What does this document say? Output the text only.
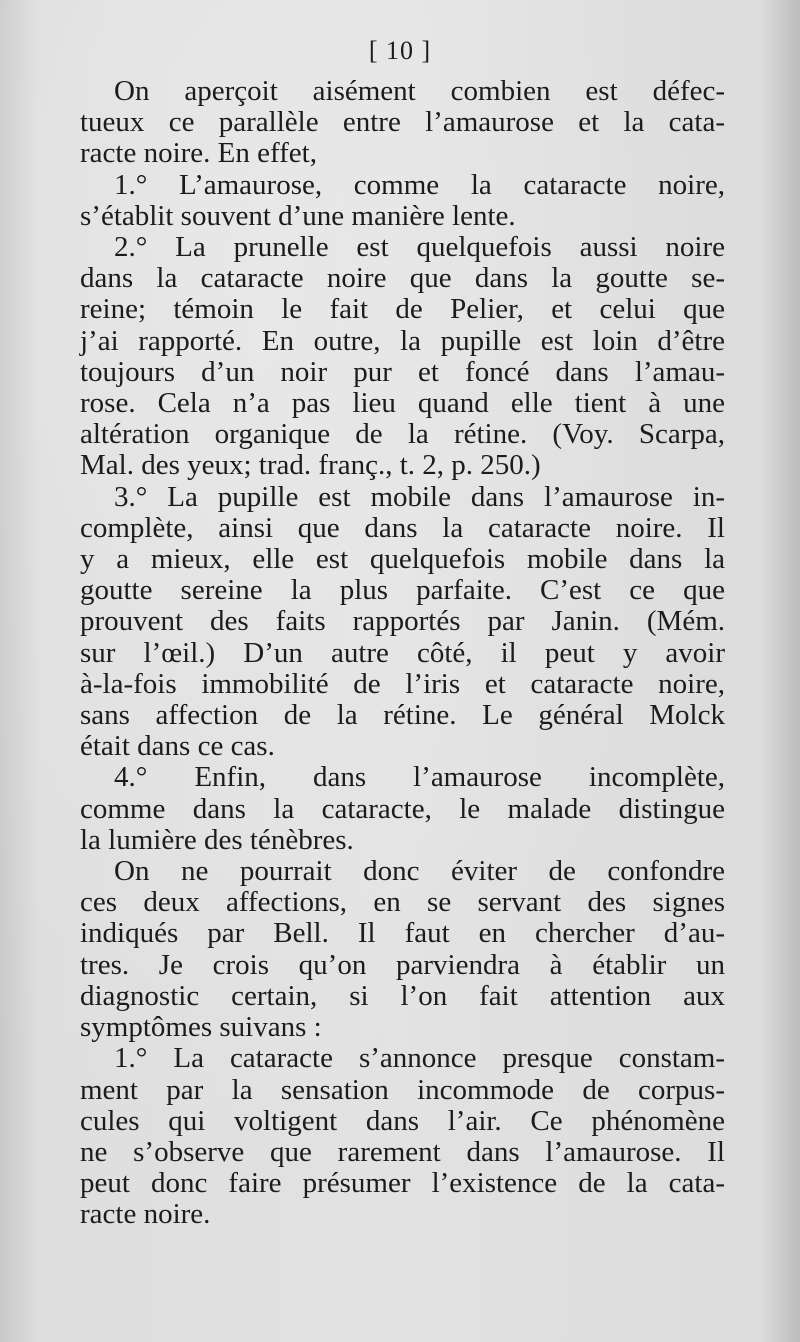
[ 10 ]
On aperçoit aisément combien est défec-
tueux ce parallèle entre l’amaurose et la cata-
racte noire. En effet,
1.° L’amaurose, comme la cataracte noire,
s’établit souvent d’une manière lente.
2.° La prunelle est quelquefois aussi noire
dans la cataracte noire que dans la goutte se-
reine; témoin le fait de Pelier, et celui que
j’ai rapporté. En outre, la pupille est loin d’être
toujours d’un noir pur et foncé dans l’amau-
rose. Cela n’a pas lieu quand elle tient à une
altération organique de la rétine. (Voy. Scarpa,
Mal. des yeux; trad. franç., t. 2, p. 250.)
3.° La pupille est mobile dans l’amaurose in-
complète, ainsi que dans la cataracte noire. Il
y a mieux, elle est quelquefois mobile dans la
goutte sereine la plus parfaite. C’est ce que
prouvent des faits rapportés par Janin. (Mém.
sur l’œil.) D’un autre côté, il peut y avoir
à-la-fois immobilité de l’iris et cataracte noire,
sans affection de la rétine. Le général Molck
était dans ce cas.
4.° Enfin, dans l’amaurose incomplète,
comme dans la cataracte, le malade distingue
la lumière des ténèbres.
On ne pourrait donc éviter de confondre
ces deux affections, en se servant des signes
indiqués par Bell. Il faut en chercher d’au-
tres. Je crois qu’on parviendra à établir un
diagnostic certain, si l’on fait attention aux
symptômes suivans :
1.° La cataracte s’annonce presque constam-
ment par la sensation incommode de corpus-
cules qui voltigent dans l’air. Ce phénomène
ne s’observe que rarement dans l’amaurose. Il
peut donc faire présumer l’existence de la cata-
racte noire.
